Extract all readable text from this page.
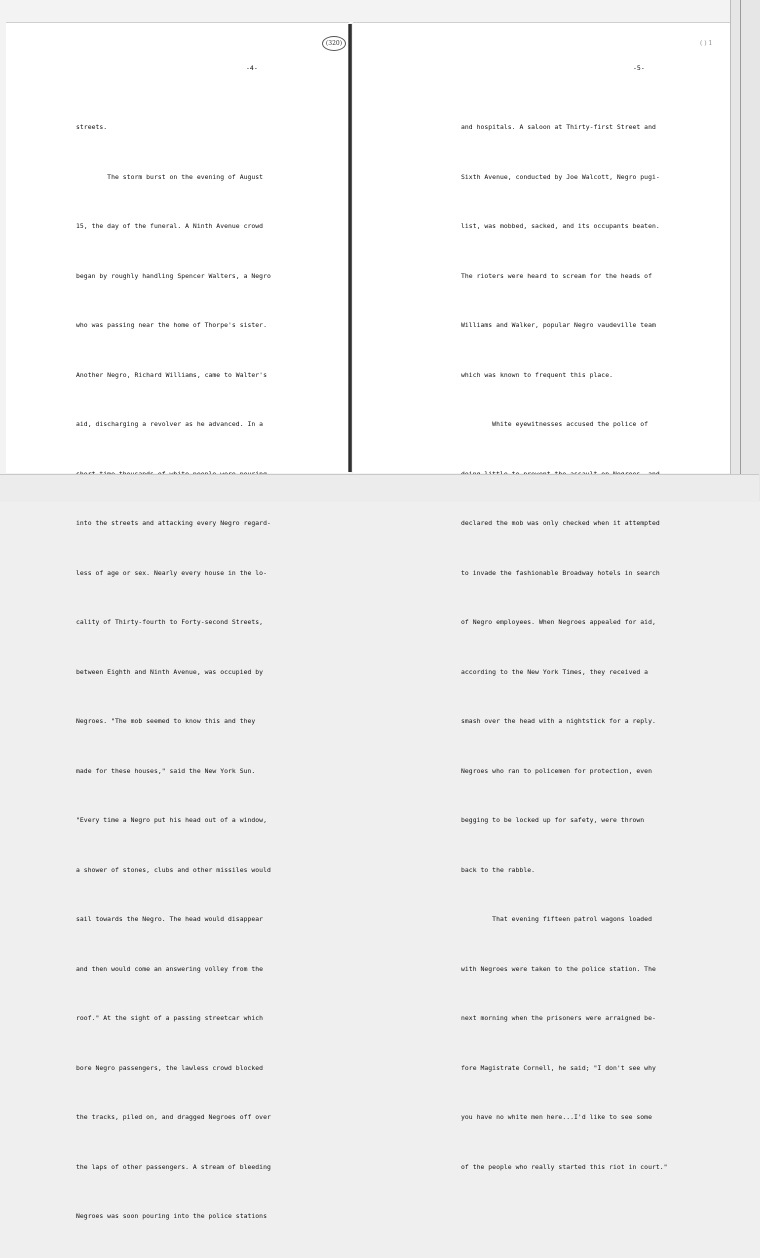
-4-

streets.

The storm burst on the evening of August

15, the day of the funeral. A Ninth Avenue crowd

began by roughly handling Spencer Walters, a Negro

who was passing near the home of Thorpe's sister.

Another Negro, Richard Williams, came to Walter's

aid, discharging a revolver as he advanced. In a

into the streets and attacking every Negro regard-

less of age or sex. Nearly every house in the lo-

cality of Thirty-fourth to Forty-second Streets,

between Eighth and Ninth Avenue, was occupied by

Negroes. "The mob seemed to know this and they

made for these houses," said the New York Sun.

"Every time a Negro put his head out of a window,

a shower of stones, clubs and other missiles would

sail towards the Negro. The head would disappear

and then would come an answering volley from the

roof." At the sight of a passing streetcar which

bore Negro passengers, the lawless crowd blocked

the tracks, piled on, and dragged Negroes off over

the laps of other passengers. A stream of bleeding

Negroes was soon pouring into the police stations

(320)
-5-

and hospitals. A saloon at Thirty-first Street and

Sixth Avenue, conducted by Joe Walcott, Negro pugi-

list, was mobbed, sacked, and its occupants beaten.

The rioters were heard to scream for the heads of

Williams and Walker, popular Negro vaudeville team

which was known to frequent this place.

White eyewitnesses accused the police of

declared the mob was only checked when it attempted

to invade the fashionable Broadway hotels in search

of Negro employees. When Negroes appealed for aid,

according to the New York Times, they received a

smash over the head with a nightstick for a reply.

Negroes who ran to policemen for protection, even

begging to be locked up for safety, were thrown

back to the rabble.

That evening fifteen patrol wagons loaded

with Negroes were taken to the police station. The

next morning when the prisoners were arraigned be-

fore Magistrate Cornell, he said; "I don't see why

you have no white men here...I'd like to see some

of the people who really started this riot in court."

( ) 1
